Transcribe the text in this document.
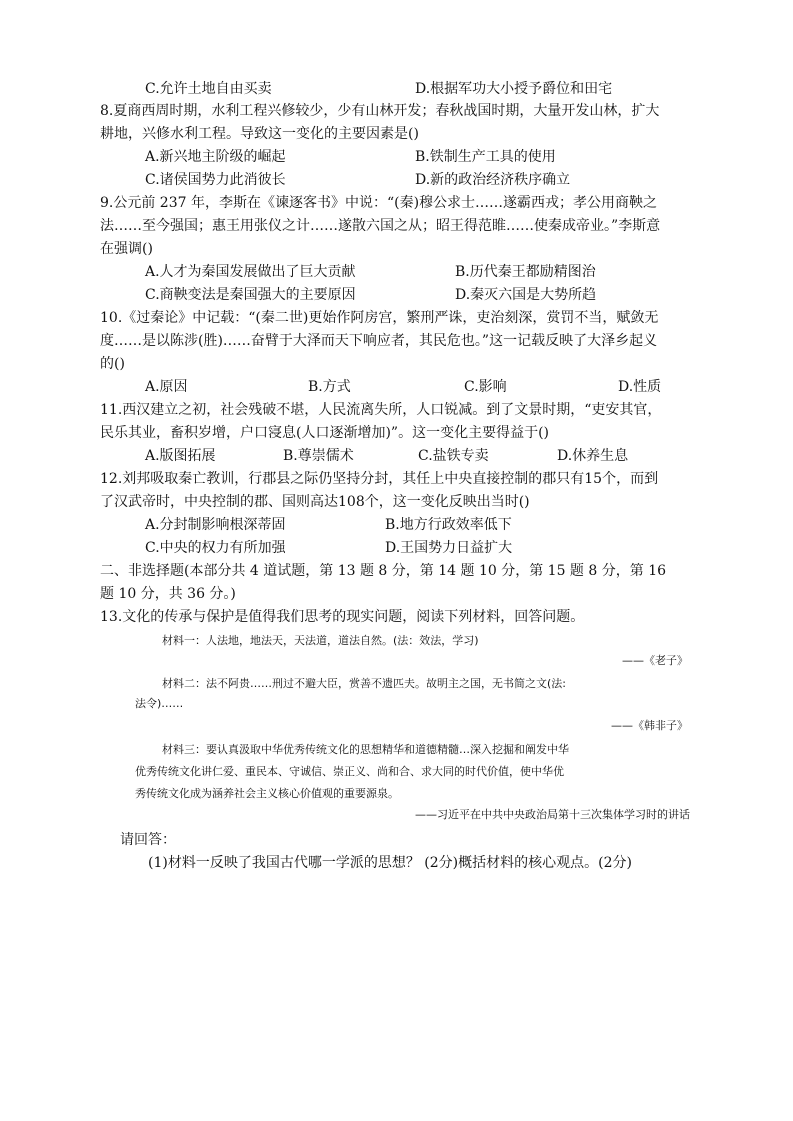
C.允许土地自由买卖	D.根据军功大小授予爵位和田宅
8.夏商西周时期，水利工程兴修较少，少有山林开发；春秋战国时期，大量开发山林，扩大
耕地，兴修水利工程。导致这一变化的主要因素是()
A.新兴地主阶级的崛起	B.铁制生产工具的使用
C.诸侯国势力此消彼长	D.新的政治经济秩序确立
9.公元前 237 年，李斯在《谏逐客书》中说：“(秦)穆公求士……遂霸西戎；孝公用商鞅之
法……至今强国；惠王用张仪之计……遂散六国之从；昭王得范睢……使秦成帝业。”李斯意
在强调()
A.人才为秦国发展做出了巨大贡献	B.历代秦王都励精图治
C.商鞅变法是秦国强大的主要原因	D.秦灭六国是大势所趋
10.《过秦论》中记载：“(秦二世)更始作阿房宫，繁刑严诛，吏治刻深，赏罚不当，赋敛无
度……是以陈涉(胜)……奋臂于大泽而天下响应者，其民危也。”这一记载反映了大泽乡起义
的()
A.原因	B.方式	C.影响	D.性质
11.西汉建立之初，社会残破不堪，人民流离失所，人口锐减。到了文景时期，“吏安其官，
民乐其业，畜积岁增，户口寖息(人口逐渐增加)”。这一变化主要得益于()
A.版图拓展	B.尊崇儒术	C.盐铁专卖	D.休养生息
12.刘邦吸取秦亡教训，行郡县之际仍坚持分封，其任上中央直接控制的郡只有15个，而到
了汉武帝时，中央控制的郡、国则高达108个，这一变化反映出当时()
A.分封制影响根深蒂固	B.地方行政效率低下
C.中央的权力有所加强	D.王国势力日益扩大
二、非选择题(本部分共 4 道试题，第 13 题 8 分，第 14 题 10 分，第 15 题 8 分，第 16
题 10 分，共 36 分。)
13.文化的传承与保护是值得我们思考的现实问题，阅读下列材料，回答问题。
材料一：人法地，地法天，天法道，道法自然。(法：效法，学习)
——《老子》
材料二：法不阿贵……刑过不避大臣，赏善不遗匹夫。故明主之国，无书简之文(法:
法令)……
——《韩非子》
材料三：要认真汲取中华优秀传统文化的思想精华和道德精髓…深入挖掘和阐发中华
优秀传统文化讲仁爱、重民本、守诚信、崇正义、尚和合、求大同的时代价值，使中华优
秀传统文化成为涵养社会主义核心价值观的重要源泉。
——习近平在中共中央政治局第十三次集体学习时的讲话
请回答：
(1)材料一反映了我国古代哪一学派的思想？ (2分)概括材料的核心观点。(2分)
